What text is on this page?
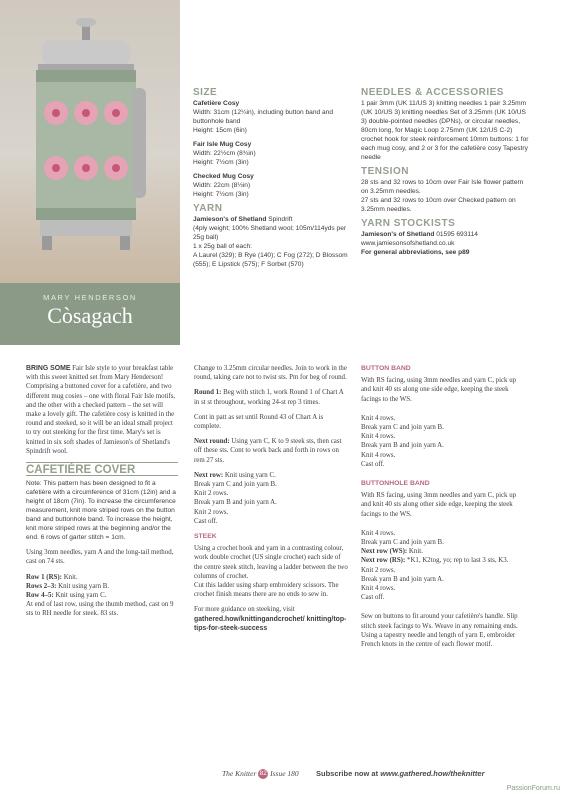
MARY HENDERSON
Còsagach
SIZE
Cafetière Cosy
Width: 31cm (12¼in), including button band and buttonhole band
Height: 15cm (6in)
Fair Isle Mug Cosy
Width: 22½cm (8¾in)
Height: 7½cm (3in)
Checked Mug Cosy
Width: 22cm (8½in)
Height: 7½cm (3in)
YARN
Jamieson's of Shetland Spindrift
(4ply weight; 100% Shetland wool; 105m/114yds per 25g ball)
1 x 25g ball of each:
A Laurel (329); B Rye (140); C Fog (272); D Blossom (555); E Lipstick (575); F Sorbet (570)
NEEDLES & ACCESSORIES
1 pair 3mm (UK 11/US 3) knitting needles 1 pair 3.25mm (UK 10/US 3) knitting needles Set of 3.25mm (UK 10/US 3) double-pointed needles (DPNs), or circular needles, 80cm long, for Magic Loop 2.75mm (UK 12/US C-2) crochet hook for steek reinforcement 10mm buttons: 1 for each mug cosy, and 2 or 3 for the cafetière cosy Tapestry needle
TENSION
28 sts and 32 rows to 10cm over Fair Isle flower pattern on 3.25mm needles.
27 sts and 32 rows to 10cm over Checked pattern on 3.25mm needles.
YARN STOCKISTS
Jamieson's of Shetland 01595 693114
www.jamiesonsofshetland.co.uk
For general abbreviations, see p89

BRING SOME Fair Isle style to your breakfast table with this sweet knitted set from Mary Henderson! Comprising a buttoned cover for a cafetière, and two different mug cosies – one with floral Fair Isle motifs, and the other with a checked pattern – the set will make a lovely gift. The cafetière cosy is knitted in the round and steeked, so it will be an ideal small project to try out steeking for the first time. Mary's set is knitted in six soft shades of Jamieson's of Shetland's Spindrift wool.

CAFETIÈRE COVER

Note: This pattern has been designed to fit a cafetière with a circumference of 31cm (12in) and a height of 18cm (7in). To increase the circumference measurement, knit more striped rows on the button band and buttonhole band. To increase the height, knit more striped rows at the beginning and/or the end. 6 rows of garter stitch = 1cm.

Using 3mm needles, yarn A and the long-tail method, cast on 74 sts.

Row 1 (RS): Knit.
Rows 2–3: Knit using yarn B.
Row 4–5: Knit using yarn C.
At end of last row, using the thumb method, cast on 9 sts to RH needle for steek. 83 sts.

Change to 3.25mm circular needles. Join to work in the round, taking care not to twist sts. Pm for beg of round.

Round 1: Beg with stitch 1, work Round 1 of Chart A in st st throughout, working 24-st rep 3 times.

Cont in patt as set until Round 43 of Chart A is complete.

Next round: Using yarn C, K to 9 steek sts, then cast off these sts. Cont to work back and forth in rows on rem 27 sts.

Next row: Knit using yarn C.
Break yarn C and join yarn B.
Knit 2 rows.
Break yarn B and join yarn A.
Knit 2 rows.
Cast off.

STEEK

Using a crochet hook and yarn in a contrasting colour, work double crochet (US single crochet) each side of the centre steek stitch, leaving a ladder between the two columns of crochet.
Cut this ladder using sharp embroidery scissors. The crochet finish means there are no ends to sew in.

For more guidance on steeking, visit
gathered.how/knittingandcrochet/ knitting/top-tips-for-steek-success

BUTTON BAND

With RS facing, using 3mm needles and yarn C, pick up and knit 40 sts along one side edge, keeping the steek facings to the WS.

Knit 4 rows.
Break yarn C and join yarn B.
Knit 4 rows.
Break yarn B and join yarn A.
Knit 4 rows.
Cast off.

BUTTONHOLE BAND

With RS facing, using 3mm needles and yarn C, pick up and knit 40 sts along other side edge, keeping the steek facings to the WS.

Knit 4 rows.
Break yarn C and join yarn B.
Next row (WS): Knit.
Next row (RS): *K1, K2tog, yo; rep to last 3 sts, K3.
Knit 2 rows.
Break yarn B and join yarn A.
Knit 4 rows.
Cast off.

Sew on buttons to fit around your cafetière's handle. Slip stitch steek facings to Ws. Weave in any remaining ends. Using a tapestry needle and length of yarn E, embroider French knots in the centre of each flower motif.

The Knitter 82 Issue 180 Subscribe now at www.gathered.how/theknitter
PassionForum.ru
